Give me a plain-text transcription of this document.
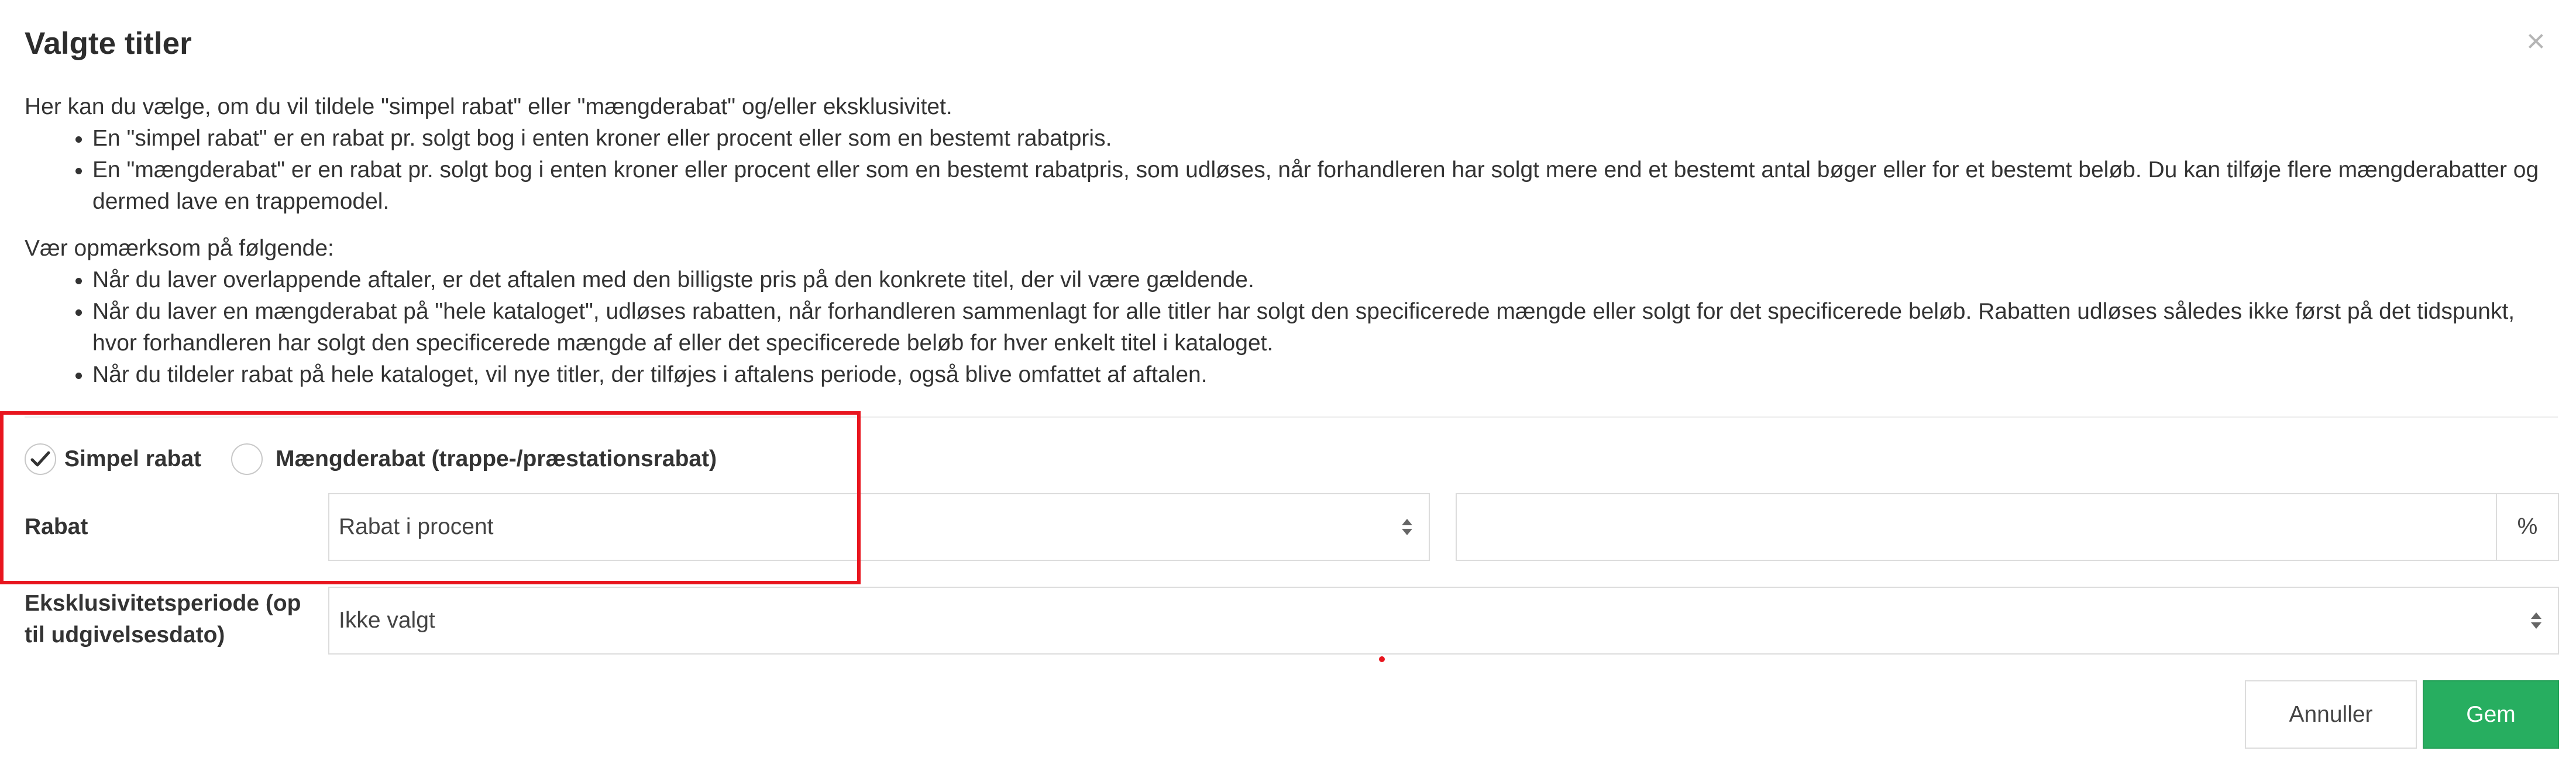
Valgte titler	×
Her kan du vælge, om du vil tildele "simpel rabat" eller "mængderabat" og/eller eksklusivitet.
• En "simpel rabat" er en rabat pr. solgt bog i enten kroner eller procent eller som en bestemt rabatpris.
• En "mængderabat" er en rabat pr. solgt bog i enten kroner eller procent eller som en bestemt rabatpris, som udløses, når forhandleren har solgt mere end et bestemt antal bøger eller for et bestemt beløb. Du kan tilføje flere mængderabatter og dermed lave en trappemodel.
Vær opmærksom på følgende:
• Når du laver overlappende aftaler, er det aftalen med den billigste pris på den konkrete titel, der vil være gældende.
• Når du laver en mængderabat på "hele kataloget", udløses rabatten, når forhandleren sammenlagt for alle titler har solgt den specificerede mængde eller solgt for det specificerede beløb. Rabatten udløses således ikke først på det tidspunkt, hvor forhandleren har solgt den specificerede mængde af eller det specificerede beløb for hver enkelt titel i kataloget.
• Når du tildeler rabat på hele kataloget, vil nye titler, der tilføjes i aftalens periode, også blive omfattet af aftalen.
Simpel rabat	Mængderabat (trappe-/præstationsrabat)
Rabat	Rabat i procent	%
Eksklusivitetsperiode (op til udgivelsesdato)
Ikke valgt
Annuller	Gem
